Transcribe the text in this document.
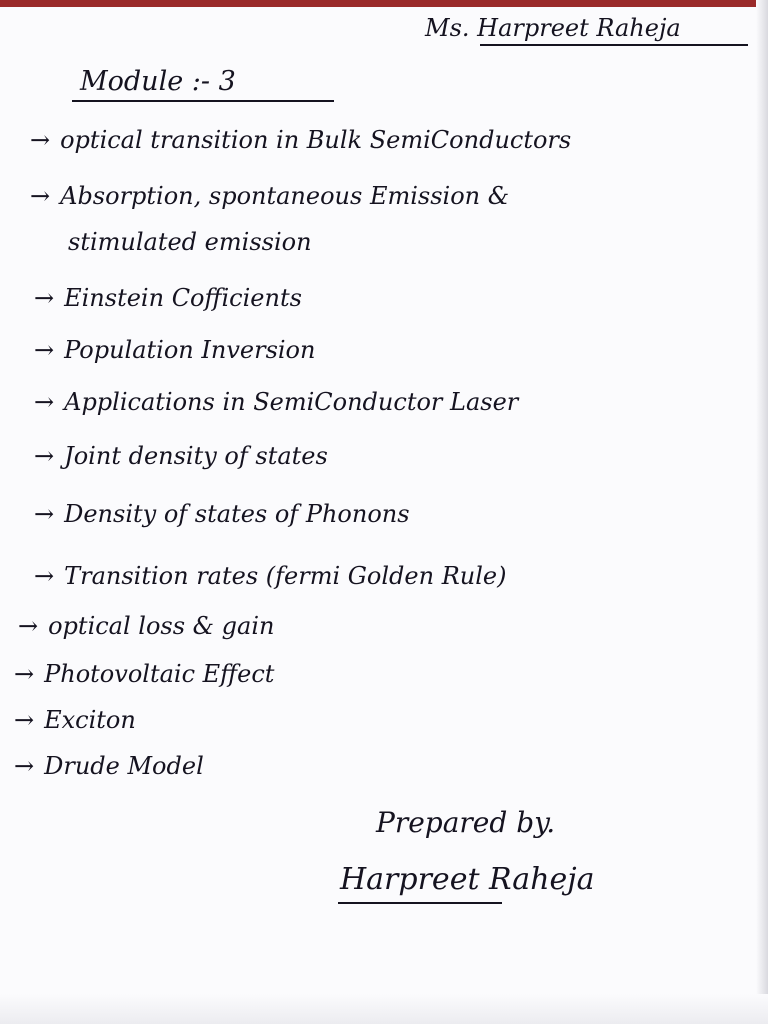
Ms. Harpreet Raheja
Module :- 3
→ optical transition in Bulk SemiConductors
→ Absorption, spontaneous Emission &
stimulated emission
→ Einstein Cofficients
→ Population Inversion
→ Applications in SemiConductor Laser
→ Joint density of states
→ Density of states of Phonons
→ Transition rates (fermi Golden Rule)
→ optical loss & gain
→ Photovoltaic Effect
→ Exciton
→ Drude Model
Prepared by.
Harpreet Raheja
